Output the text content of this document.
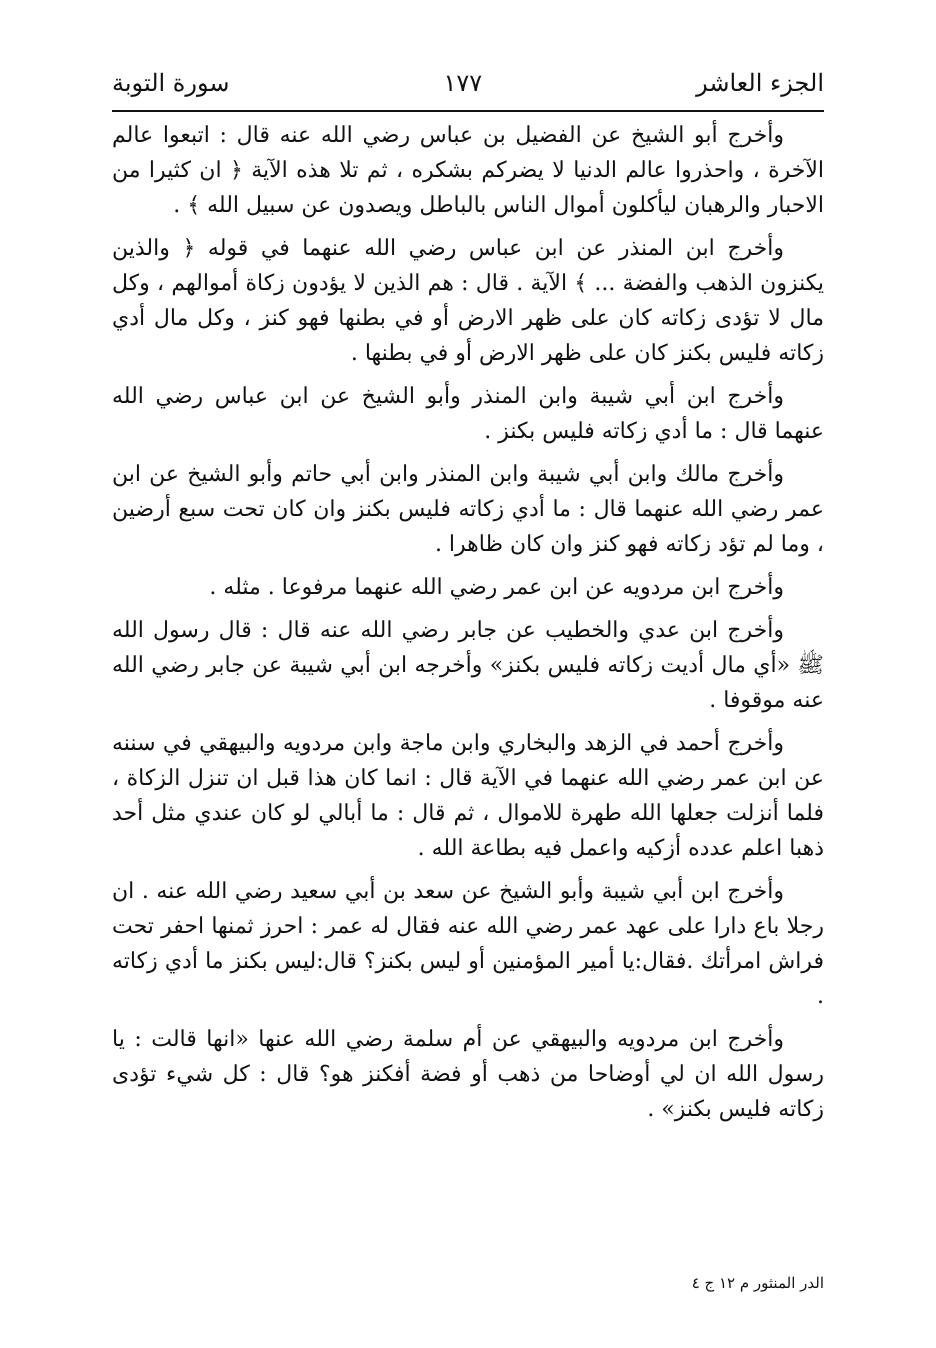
الجزء العاشر
١٧٧
سورة التوبة

وأخرج أبو الشيخ عن الفضيل بن عباس رضي الله عنه قال : اتبعوا عالم الآخرة ، واحذروا عالم الدنيا لا يضركم بشكره ، ثم تلا هذه الآية ﴿ ان كثيرا من الاحبار والرهبان ليأكلون أموال الناس بالباطل ويصدون عن سبيل الله ﴾ .

وأخرج ابن المنذر عن ابن عباس رضي الله عنهما في قوله ﴿ والذين يكنزون الذهب والفضة ... ﴾ الآية . قال : هم الذين لا يؤدون زكاة أموالهم ، وكل مال لا تؤدى زكاته كان على ظهر الارض أو في بطنها فهو كنز ، وكل مال أدي زكاته فليس بكنز كان على ظهر الارض أو في بطنها .

وأخرج ابن أبي شيبة وابن المنذر وأبو الشيخ عن ابن عباس رضي الله عنهما قال : ما أدي زكاته فليس بكنز .

وأخرج مالك وابن أبي شيبة وابن المنذر وابن أبي حاتم وأبو الشيخ عن ابن عمر رضي الله عنهما قال : ما أدي زكاته فليس بكنز وان كان تحت سبع أرضين ، وما لم تؤد زكاته فهو كنز وان كان ظاهرا .

وأخرج ابن مردويه عن ابن عمر رضي الله عنهما مرفوعا . مثله .

وأخرج ابن عدي والخطيب عن جابر رضي الله عنه قال : قال رسول الله ﷺ «أي مال أديت زكاته فليس بكنز» وأخرجه ابن أبي شيبة عن جابر رضي الله عنه موقوفا .

وأخرج أحمد في الزهد والبخاري وابن ماجة وابن مردويه والبيهقي في سننه عن ابن عمر رضي الله عنهما في الآية قال : انما كان هذا قبل ان تنزل الزكاة ، فلما أنزلت جعلها الله طهرة للاموال ، ثم قال : ما أبالي لو كان عندي مثل أحد ذهبا اعلم عدده أزكيه واعمل فيه بطاعة الله .

وأخرج ابن أبي شيبة وأبو الشيخ عن سعد بن أبي سعيد رضي الله عنه . ان رجلا باع دارا على عهد عمر رضي الله عنه فقال له عمر : احرز ثمنها احفر تحت فراش امرأتك .فقال:يا أمير المؤمنين أو ليس بكنز؟ قال:ليس بكنز ما أدي زكاته .

وأخرج ابن مردويه والبيهقي عن أم سلمة رضي الله عنها «انها قالت : يا رسول الله ان لي أوضاحا من ذهب أو فضة أفكنز هو؟ قال : كل شيء تؤدى زكاته فليس بكنز» .

الدر المنثور م ١٢ ج ٤
